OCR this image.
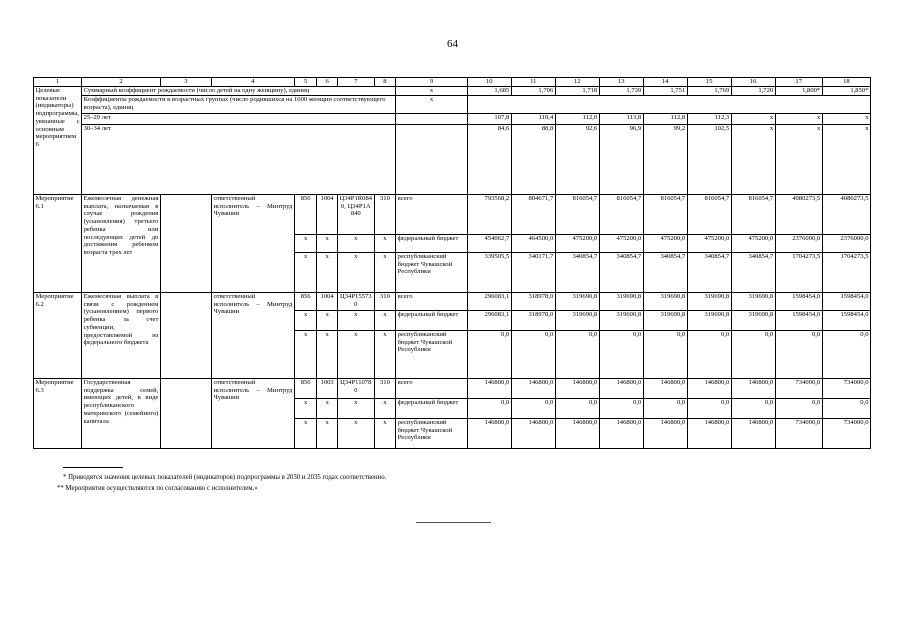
64
1	2	3	4	5	6	7	8	9	10	11	12	13	14	15	16	17	18
Целевые показатели (индикаторы) подпрограммы, увязанные с основным мероприятием 6	Суммарный коэффициент рождаемости (число детей на одну женщину), единиц							х	1,685	1,706	1,718	1,739	1,751	1,769	1,720	1,800*	1,850*
	Коэффициенты рождаемости в возрастных группах (число родившихся на 1000 женщин соответствующего возраста), единиц							х									
	25–29 лет								107,8	110,4	112,0	113,8	112,8	112,3	х	х	х
	30–34 лет								84,6	88,8	92,6	96,9	99,2	102,5	х	х	х
Мероприятие 6.1	Ежемесячная денежная выплата, назначаемая в случае рождения (усыновления) третьего ребенка или последующих детей до достижения ребенком возраста трех лет		ответственный исполнитель – Минтруд Чувашии	856	1004	Ц34Р1R0840, Ц34Р1А840	310	всего	793568,2	804671,7	816054,7	816054,7	816054,7	816054,7	816054,7	4080273,5	4080273,5
				х	х	х	х	федеральный бюджет	454062,7	464500,0	475200,0	475200,0	475200,0	475200,0	475200,0	2376000,0	2376000,0
				х	х	х	х	республиканский бюджет Чувашской Республики	339505,5	340171,7	340854,7	340854,7	340854,7	340854,7	340854,7	1704273,5	1704273,5
Мероприятие 6.2	Ежемесячная выплата в связи с рождением (усыновлением) первого ребенка за счет субвенции, предоставляемой из федерального бюджета		ответственный исполнитель – Минтруд Чувашии	856	1004	Ц34Р155730	310	всего	296083,1	318978,0	319690,8	319690,8	319690,8	319690,8	319690,8	1598454,0	1598454,0
				х	х	х	х	федеральный бюджет	296083,1	318978,0	319690,8	319690,8	319690,8	319690,8	319690,8	1598454,0	1598454,0
				х	х	х	х	республиканский бюджет Чувашской Республики	0,0	0,0	0,0	0,0	0,0	0,0	0,0	0,0	0,0
Мероприятие 6.3	Государственная поддержка семей, имеющих детей, в виде республиканского материнского (семейного) капитала		ответственный исполнитель – Минтруд Чувашии	856	1003	Ц34Р110780	310	всего	146800,0	146800,0	146800,0	146800,0	146800,0	146800,0	146800,0	734000,0	734000,0
				х	х	х	х	федеральный бюджет	0,0	0,0	0,0	0,0	0,0	0,0	0,0	0,0	0,0
				х	х	х	х	республиканский бюджет Чувашской Республики	146800,0	146800,0	146800,0	146800,0	146800,0	146800,0	146800,0	734000,0	734000,0
* Приводятся значения целевых показателей (индикаторов) подпрограммы в 2030 и 2035 годах соответственно.
** Мероприятия осуществляются по согласованию с исполнителем.»
